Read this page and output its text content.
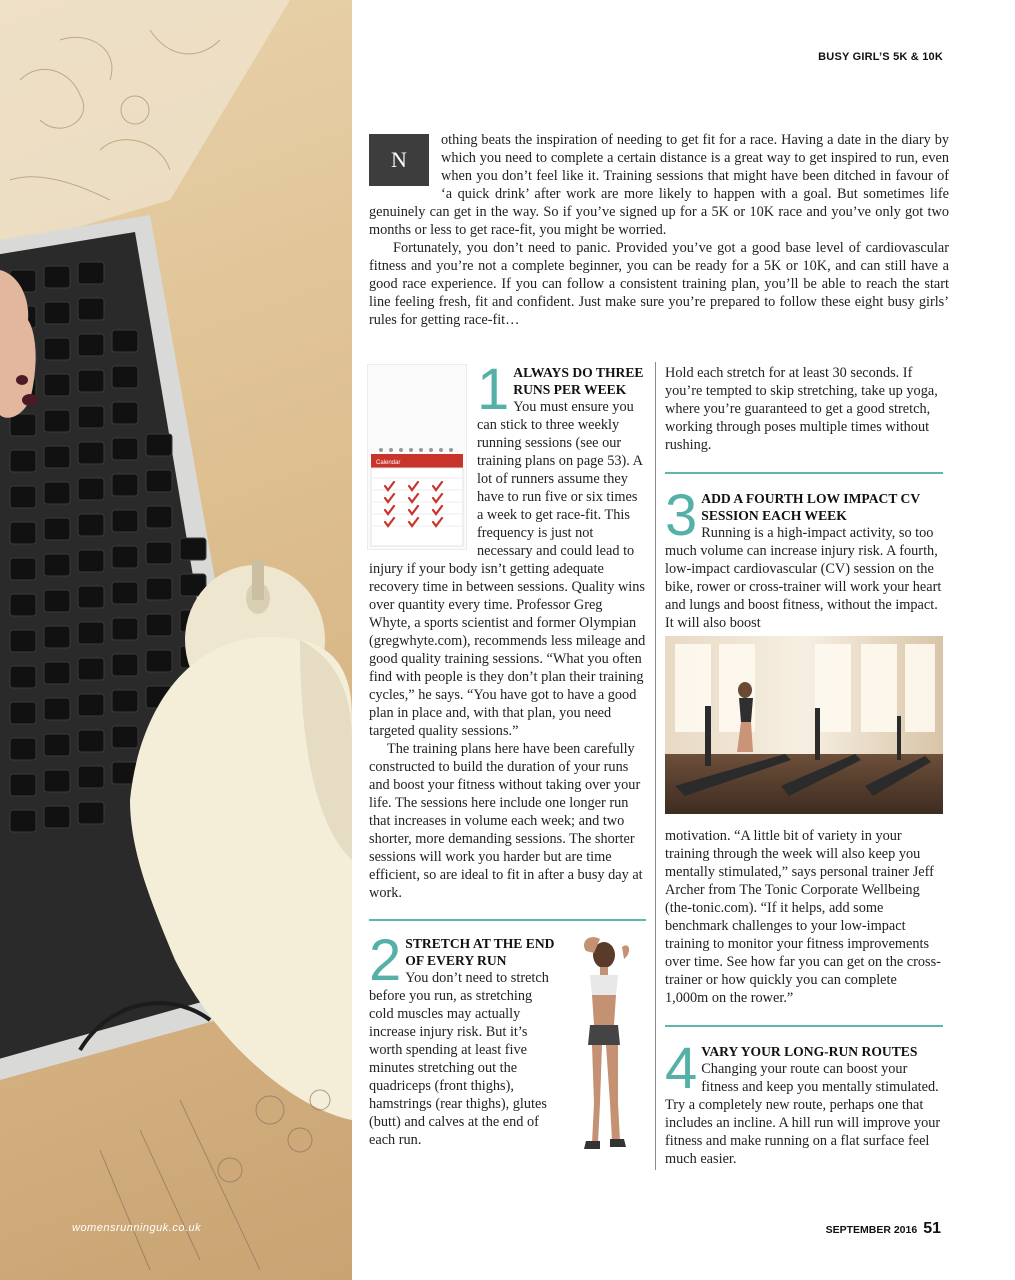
womensrunninguk.co.uk
BUSY GIRL’S 5K & 10K
N

othing beats the inspiration of needing to get fit for a race. Having a date in the diary by which you need to complete a certain distance is a great way to get inspired to run, even when you don’t feel like it. Training sessions that might have been ditched in favour of ‘a quick drink’ after work are more likely to happen with a goal. But sometimes life genuinely can get in the way. So if you’ve signed up for a 5K or 10K race and you’ve only got two months or less to get race-fit, you might be worried.

Fortunately, you don’t need to panic. Provided you’ve got a good base level of cardiovascular fitness and you’re not a complete beginner, you can be ready for a 5K or 10K, and can still have a good race experience. If you can follow a consistent training plan, you’ll be able to reach the start line feeling fresh, fit and confident. Just make sure you’re prepared to follow these eight busy girls’ rules for getting race-fit…

Calendar
1 ALWAYS DO THREE RUNS PER WEEK

You must ensure you can stick to three weekly running sessions (see our training plans on page 53). A lot of runners assume they have to run five or six times a week to get race-fit. This frequency is just not necessary and could lead to injury if your body isn’t getting adequate recovery time in between sessions. Quality wins over quantity every time. Professor Greg Whyte, a sports scientist and former Olympian (gregwhyte.com), recommends less mileage and good quality training sessions. “What you often find with people is they don’t plan their training cycles,” he says. “You have got to have a good plan in place and, with that plan, you need targeted quality sessions.”

The training plans here have been carefully constructed to build the duration of your runs and boost your fitness without taking over your life. The sessions here include one longer run that increases in volume each week; and two shorter, more demanding sessions. The shorter sessions will work you harder but are time efficient, so are ideal to fit in after a busy day at work.

2 STRETCH AT THE END OF EVERY RUN

You don’t need to stretch before you run, as stretching cold muscles may actually increase injury risk. But it’s worth spending at least five minutes stretching out the quadriceps (front thighs), hamstrings (rear thighs), glutes (butt) and calves at the end of each run.

Hold each stretch for at least 30 seconds. If you’re tempted to skip stretching, take up yoga, where you’re guaranteed to get a good stretch, working through poses multiple times without rushing.

3 ADD A FOURTH LOW IMPACT CV SESSION EACH WEEK

Running is a high-impact activity, so too much volume can increase injury risk. A fourth, low-impact cardiovascular (CV) session on the bike, rower or cross-trainer will work your heart and lungs and boost fitness, without the impact. It will also boost

motivation. “A little bit of variety in your training through the week will also keep you mentally stimulated,” says personal trainer Jeff Archer from The Tonic Corporate Wellbeing (the-tonic.com). “If it helps, add some benchmark challenges to your low-impact training to monitor your fitness improvements over time. See how far you can get on the cross-trainer or how quickly you can complete 1,000m on the rower.”

4 VARY YOUR LONG-RUN ROUTES

Changing your route can boost your fitness and keep you mentally stimulated. Try a completely new route, perhaps one that includes an incline. A hill run will improve your fitness and make running on a flat surface feel much easier.

SEPTEMBER 2016 51
